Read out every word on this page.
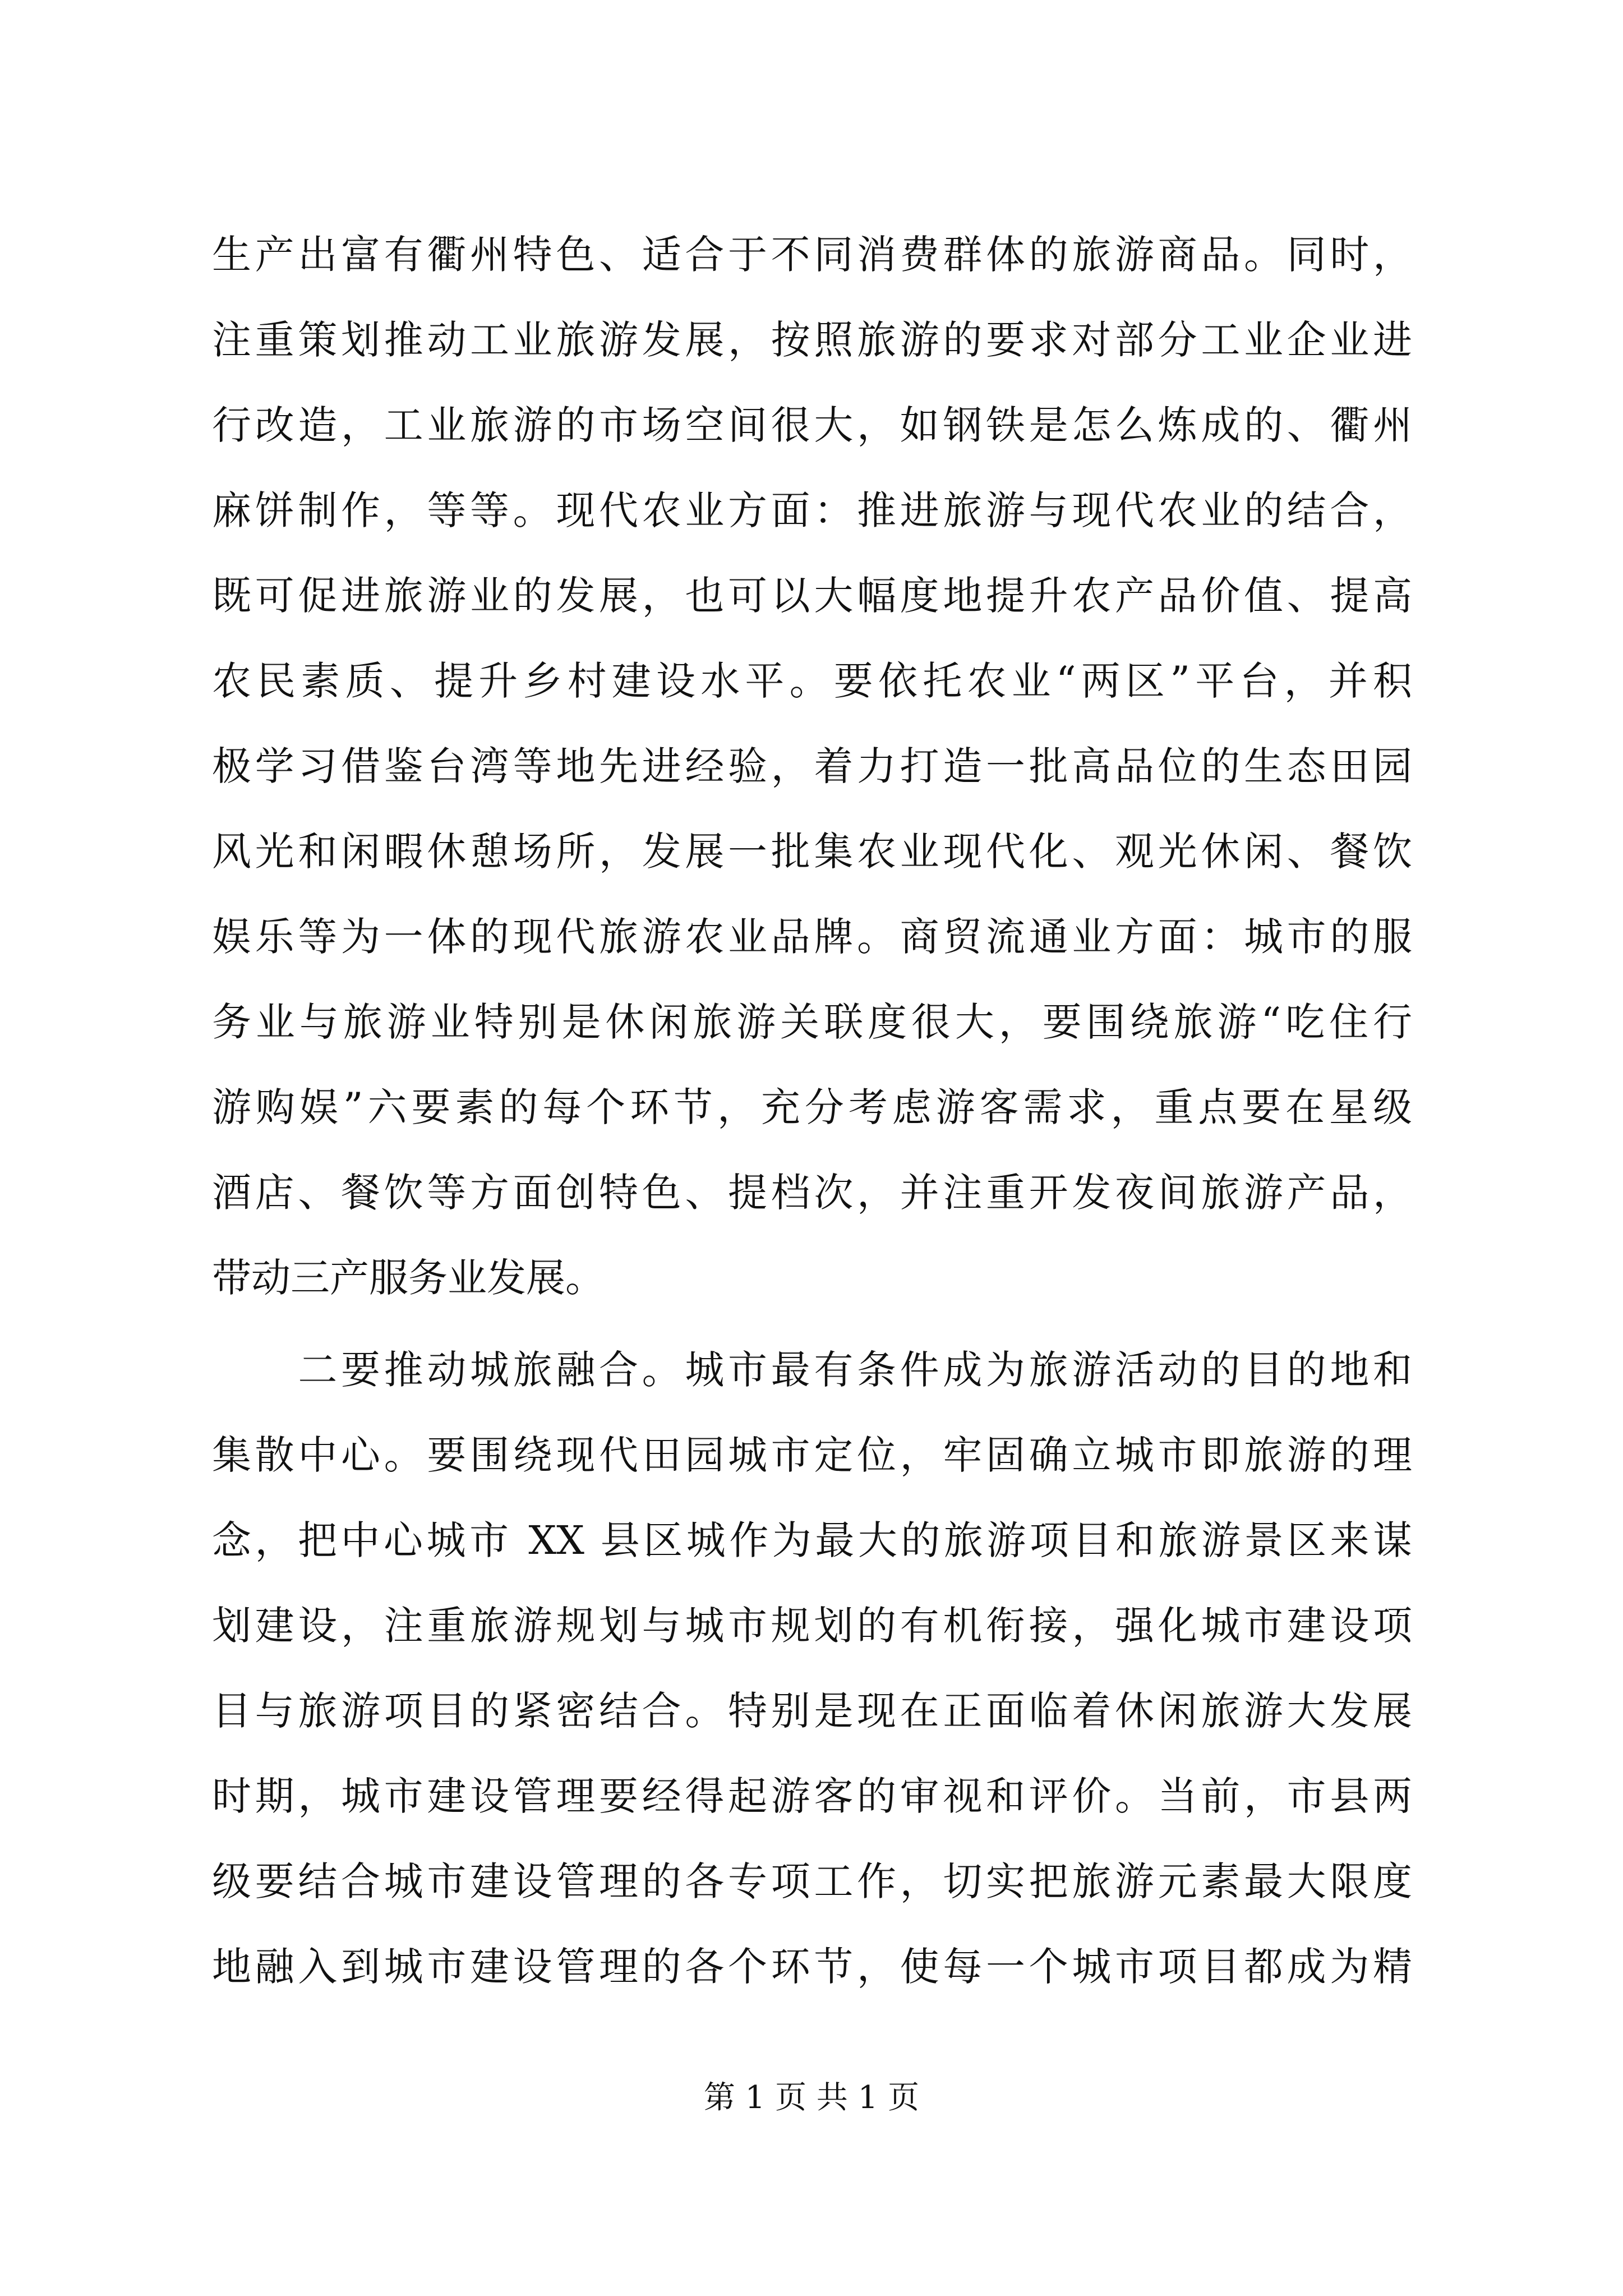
生产出富有衢州特色、适合于不同消费群体的旅游商品。同时，
注重策划推动工业旅游发展，按照旅游的要求对部分工业企业进
行改造，工业旅游的市场空间很大，如钢铁是怎么炼成的、衢州
麻饼制作，等等。现代农业方面：推进旅游与现代农业的结合，
既可促进旅游业的发展，也可以大幅度地提升农产品价值、提高
农民素质、提升乡村建设水平。要依托农业“两区”平台，并积
极学习借鉴台湾等地先进经验，着力打造一批高品位的生态田园
风光和闲暇休憩场所，发展一批集农业现代化、观光休闲、餐饮
娱乐等为一体的现代旅游农业品牌。商贸流通业方面：城市的服
务业与旅游业特别是休闲旅游关联度很大，要围绕旅游“吃住行
游购娱”六要素的每个环节，充分考虑游客需求，重点要在星级
酒店、餐饮等方面创特色、提档次，并注重开发夜间旅游产品，
带动三产服务业发展。
　　二要推动城旅融合。城市最有条件成为旅游活动的目的地和
集散中心。要围绕现代田园城市定位，牢固确立城市即旅游的理
念，把中心城市 XX 县区城作为最大的旅游项目和旅游景区来谋
划建设，注重旅游规划与城市规划的有机衔接，强化城市建设项
目与旅游项目的紧密结合。特别是现在正面临着休闲旅游大发展
时期，城市建设管理要经得起游客的审视和评价。当前，市县两
级要结合城市建设管理的各专项工作，切实把旅游元素最大限度
地融入到城市建设管理的各个环节，使每一个城市项目都成为精
第 1 页 共 1 页
